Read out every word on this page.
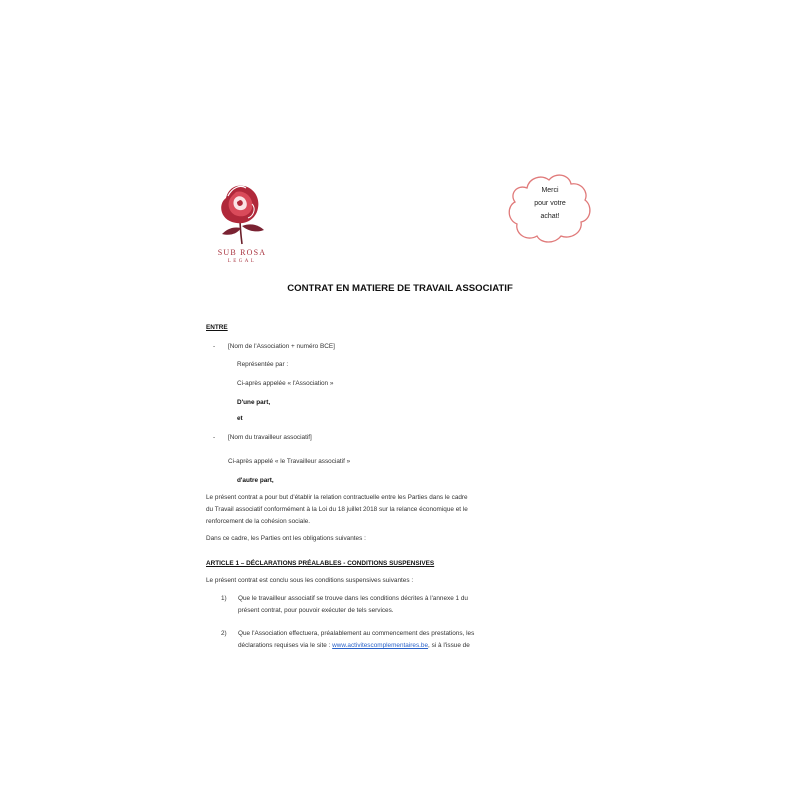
SUB ROSA
LEGAL
Merci
pour votre
achat!
CONTRAT EN MATIERE DE TRAVAIL ASSOCIATIF
ENTRE
- [Nom de l'Association + numéro BCE]
Représentée par :
Ci-après appelée « l'Association »
D'une part,
et
- [Nom du travailleur associatif]
Ci-après appelé « le Travailleur associatif »
d'autre part,
Le présent contrat a pour but d'établir la relation contractuelle entre les Parties dans le cadre
du Travail associatif conformément à la Loi du 18 juillet 2018 sur la relance économique et le
renforcement de la cohésion sociale.
Dans ce cadre, les Parties ont les obligations suivantes :
ARTICLE 1 – DÉCLARATIONS PRÉALABLES - CONDITIONS SUSPENSIVES
Le présent contrat est conclu sous les conditions suspensives suivantes :
1) Que le travailleur associatif se trouve dans les conditions décrites à l'annexe 1 du
présent contrat, pour pouvoir exécuter de tels services.
2) Que l'Association effectuera, préalablement au commencement des prestations, les
déclarations requises via le site : www.activitescomplementaires.be, si à l'issue de
